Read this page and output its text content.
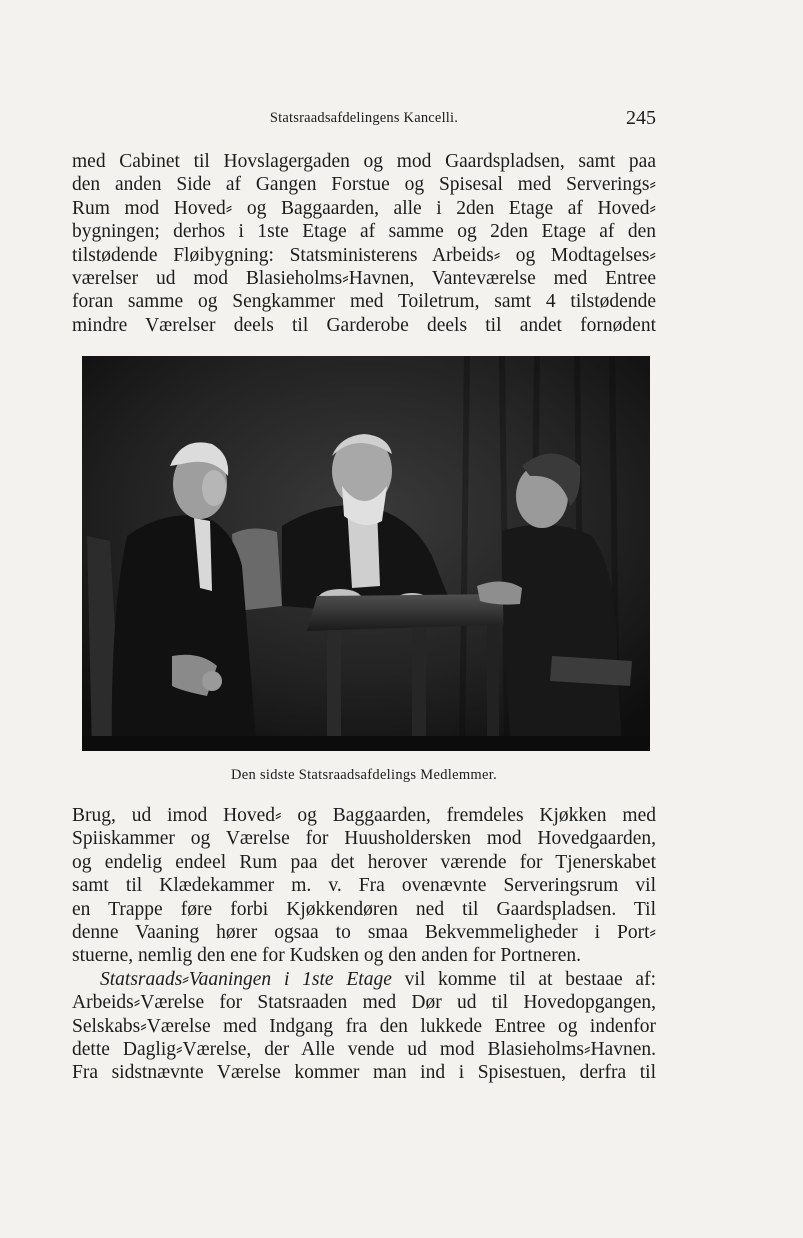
Statsraadsafdelingens Kancelli.	245
med Cabinet til Hovslagergaden og mod Gaardspladsen, samt paa
den anden Side af Gangen Forstue og Spisesal med Serverings⸗
Rum mod Hoved⸗ og Baggaarden, alle i 2den Etage af Hoved⸗
bygningen; derhos i 1ste Etage af samme og 2den Etage af den
tilstødende Fløibygning: Statsministerens Arbeids⸗ og Modtagelses⸗
værelser ud mod Blasieholms⸗Havnen, Vanteværelse med Entree
foran samme og Sengkammer med Toiletrum, samt 4 tilstødende
mindre Værelser deels til Garderobe deels til andet fornødent
Den sidste Statsraadsafdelings Medlemmer.
Brug, ud imod Hoved⸗ og Baggaarden, fremdeles Kjøkken med
Spiiskammer og Værelse for Huusholdersken mod Hovedgaarden,
og endelig endeel Rum paa det herover værende for Tjenerskabet
samt til Klædekammer m. v. Fra ovenævnte Serveringsrum vil
en Trappe føre forbi Kjøkkendøren ned til Gaardspladsen. Til
denne Vaaning hører ogsaa to smaa Bekvemmeligheder i Port⸗
stuerne, nemlig den ene for Kudsken og den anden for Portneren.
Statsraads⸗Vaaningen i 1ste Etage vil komme til at bestaae af:
Arbeids⸗Værelse for Statsraaden med Dør ud til Hovedopgangen,
Selskabs⸗Værelse med Indgang fra den lukkede Entree og indenfor
dette Daglig⸗Værelse, der Alle vende ud mod Blasieholms⸗Havnen.
Fra sidstnævnte Værelse kommer man ind i Spisestuen, derfra til
